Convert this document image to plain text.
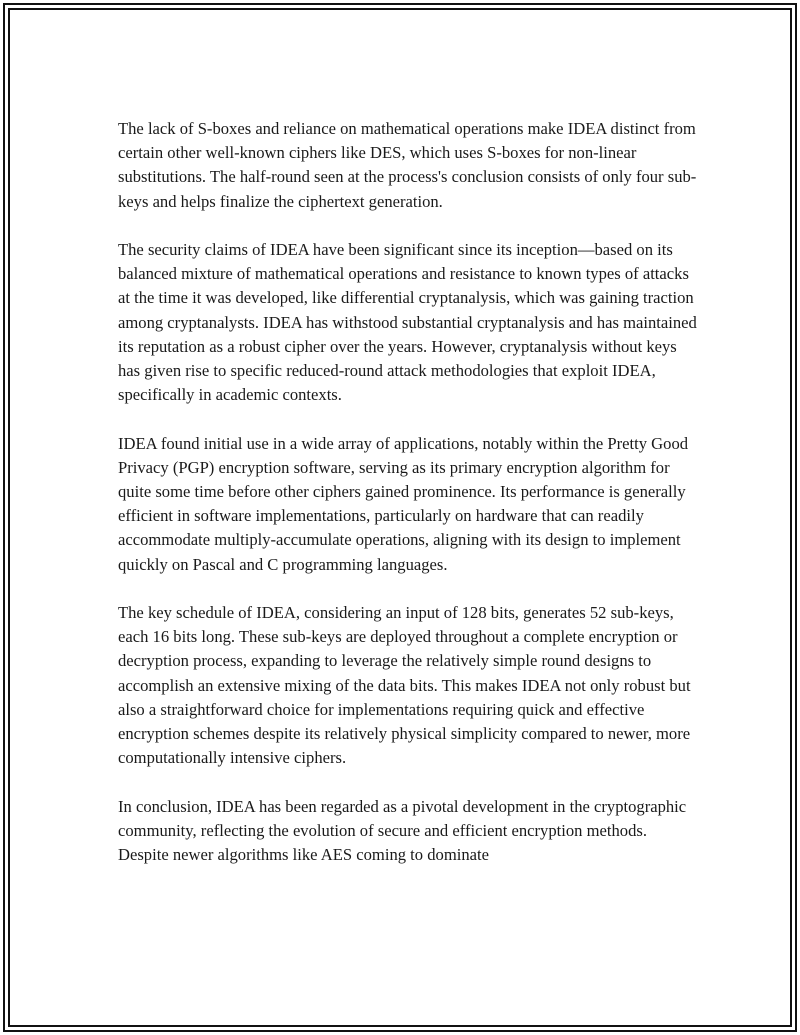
The lack of S-boxes and reliance on mathematical operations make IDEA distinct from certain other well-known ciphers like DES, which uses S-boxes for non-linear substitutions. The half-round seen at the process's conclusion consists of only four sub-keys and helps finalize the ciphertext generation.

The security claims of IDEA have been significant since its inception—based on its balanced mixture of mathematical operations and resistance to known types of attacks at the time it was developed, like differential cryptanalysis, which was gaining traction among cryptanalysts. IDEA has withstood substantial cryptanalysis and has maintained its reputation as a robust cipher over the years. However, cryptanalysis without keys has given rise to specific reduced-round attack methodologies that exploit IDEA, specifically in academic contexts.

IDEA found initial use in a wide array of applications, notably within the Pretty Good Privacy (PGP) encryption software, serving as its primary encryption algorithm for quite some time before other ciphers gained prominence. Its performance is generally efficient in software implementations, particularly on hardware that can readily accommodate multiply-accumulate operations, aligning with its design to implement quickly on Pascal and C programming languages.

The key schedule of IDEA, considering an input of 128 bits, generates 52 sub-keys, each 16 bits long. These sub-keys are deployed throughout a complete encryption or decryption process, expanding to leverage the relatively simple round designs to accomplish an extensive mixing of the data bits. This makes IDEA not only robust but also a straightforward choice for implementations requiring quick and effective encryption schemes despite its relatively physical simplicity compared to newer, more computationally intensive ciphers.

In conclusion, IDEA has been regarded as a pivotal development in the cryptographic community, reflecting the evolution of secure and efficient encryption methods. Despite newer algorithms like AES coming to dominate
